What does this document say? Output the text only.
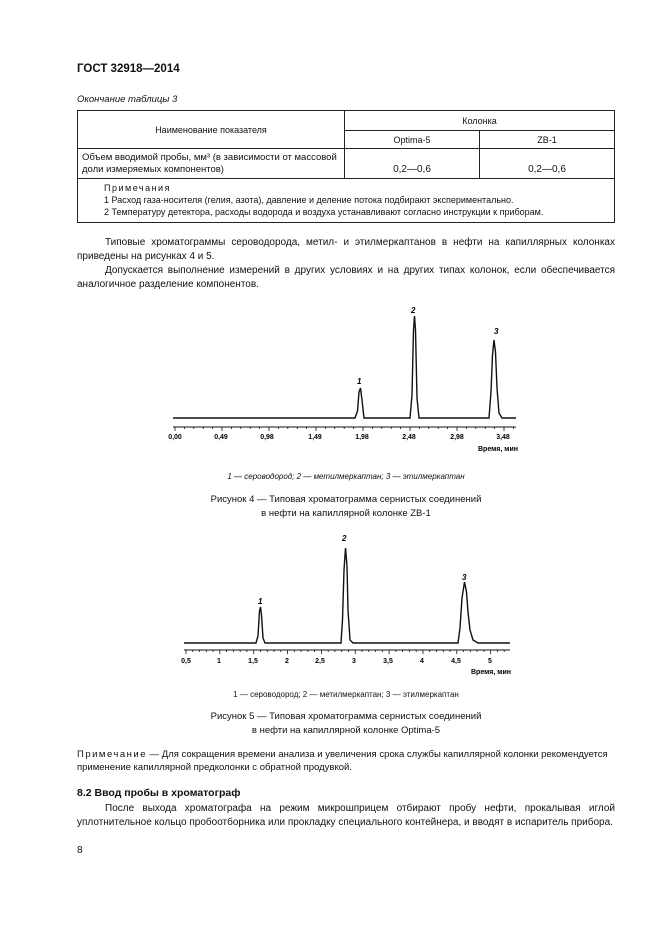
ГОСТ 32918—2014
Окончание таблицы 3
Наименование показателя	Колонка	
	Optima-5	ZB-1
Объем вводимой пробы, мм³ (в зависимости от массовой доли измеряемых компонентов)	0,2—0,6	0,2—0,6

Примечания
1 Расход газа-носителя (гелия, азота), давление и деление потока подбирают экспериментально.
2 Температуру детектора, расходы водорода и воздуха устанавливают согласно инструкции к приборам.		
Типовые хроматограммы сероводорода, метил- и этилмеркаптанов в нефти на капиллярных колонках приведены на рисунках 4 и 5.
Допускается выполнение измерений в других условиях и на других типах колонок, если обеспечивается аналогичное разделение компонентов.
1
2
3
0,00	0,49	0,98	1,49	1,98	2,48	2,98	3,48
Время, мин
1
2
3
0,5	1	1,5	2	2,5	3	3,5	4	4,5	5
Время, мин
1 — сероводород; 2 — метилмеркаптан; 3 — этилмеркаптан
Рисунок 4 — Типовая хроматограмма сернистых соединений
в нефти на капиллярной колонке ZB-1
1 — сероводород; 2 — метилмеркаптан; 3 — этилмеркаптан
Рисунок 5 — Типовая хроматограмма сернистых соединений
в нефти на капиллярной колонке Optima-5
Примечание — Для сокращения времени анализа и увеличения срока службы капиллярной колонки рекомендуется применение капиллярной предколонки с обратной продувкой.
8.2 Ввод пробы в хроматограф
После выхода хроматографа на режим микрошприцем отбирают пробу нефти, прокалывая иглой уплотнительное кольцо пробоотборника или прокладку специального контейнера, и вводят в испаритель прибора.
8
